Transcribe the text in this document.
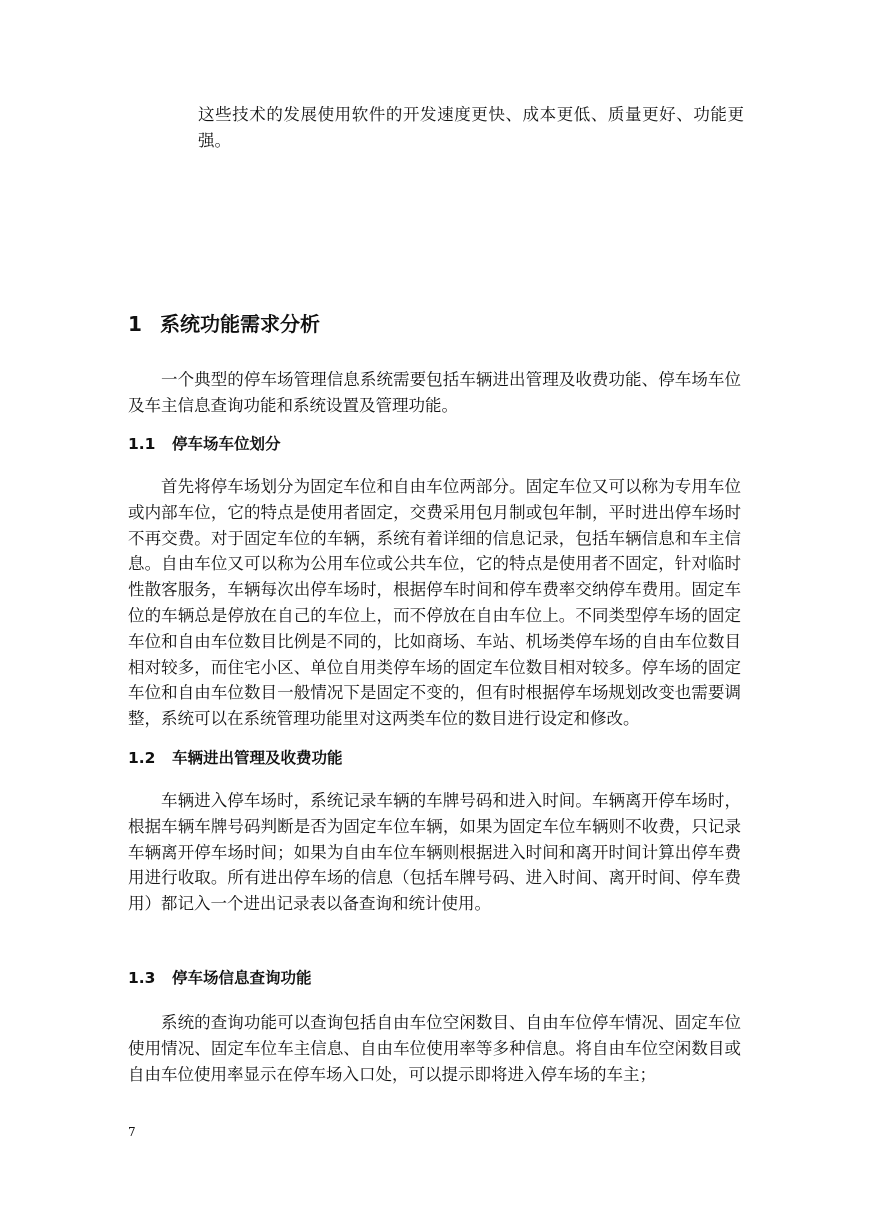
这些技术的发展使用软件的开发速度更快、成本更低、质量更好、功能更强。

1 系统功能需求分析

一个典型的停车场管理信息系统需要包括车辆进出管理及收费功能、停车场车位及车主信息查询功能和系统设置及管理功能。

1.1 停车场车位划分

首先将停车场划分为固定车位和自由车位两部分。固定车位又可以称为专用车位或内部车位，它的特点是使用者固定，交费采用包月制或包年制，平时进出停车场时不再交费。对于固定车位的车辆，系统有着详细的信息记录，包括车辆信息和车主信息。自由车位又可以称为公用车位或公共车位，它的特点是使用者不固定，针对临时性散客服务，车辆每次出停车场时，根据停车时间和停车费率交纳停车费用。固定车位的车辆总是停放在自己的车位上，而不停放在自由车位上。不同类型停车场的固定车位和自由车位数目比例是不同的，比如商场、车站、机场类停车场的自由车位数目相对较多，而住宅小区、单位自用类停车场的固定车位数目相对较多。停车场的固定车位和自由车位数目一般情况下是固定不变的，但有时根据停车场规划改变也需要调整，系统可以在系统管理功能里对这两类车位的数目进行设定和修改。

1.2 车辆进出管理及收费功能

车辆进入停车场时，系统记录车辆的车牌号码和进入时间。车辆离开停车场时，根据车辆车牌号码判断是否为固定车位车辆，如果为固定车位车辆则不收费，只记录车辆离开停车场时间；如果为自由车位车辆则根据进入时间和离开时间计算出停车费用进行收取。所有进出停车场的信息（包括车牌号码、进入时间、离开时间、停车费用）都记入一个进出记录表以备查询和统计使用。

1.3 停车场信息查询功能

系统的查询功能可以查询包括自由车位空闲数目、自由车位停车情况、固定车位使用情况、固定车位车主信息、自由车位使用率等多种信息。将自由车位空闲数目或自由车位使用率显示在停车场入口处，可以提示即将进入停车场的车主；

7
